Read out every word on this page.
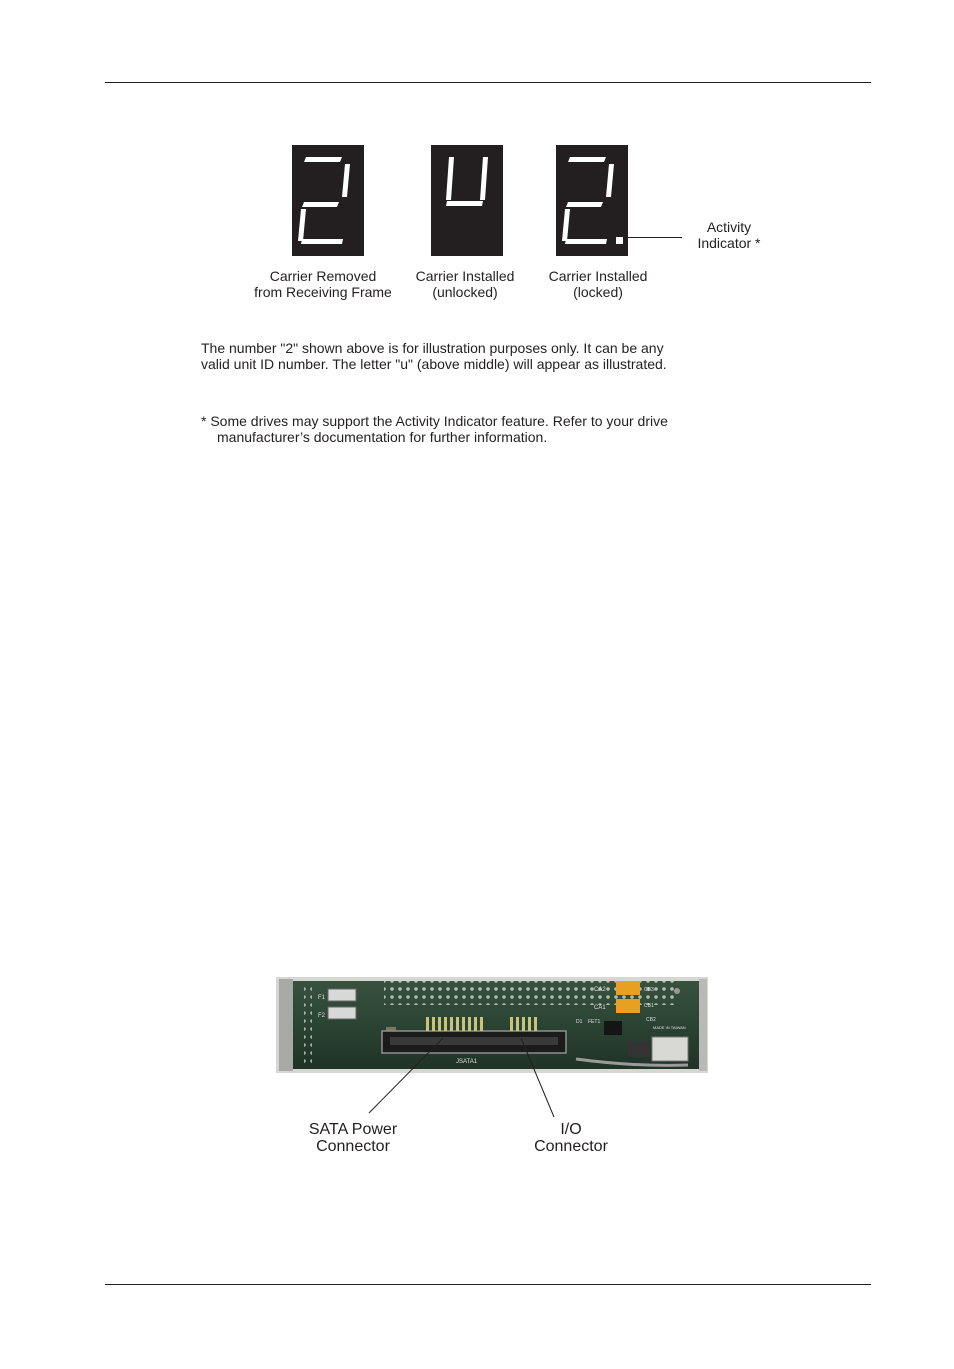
Activity
Indicator *
Carrier Removed
from Receiving Frame
Carrier Installed
(unlocked)
Carrier Installed
(locked)
The number "2" shown above is for illustration purposes only. It can be any
valid unit ID number. The letter "u" (above middle) will appear as illustrated.
* Some drives may support the Activity Indicator feature. Refer to your drive
manufacturer’s documentation for further information.
F1
F2
JSATA1
CA2
CA1
CB3
CB1
CB2
MADE IN TAIWAN
FET1
D1
SATA Power
Connector
I/O
Connector
